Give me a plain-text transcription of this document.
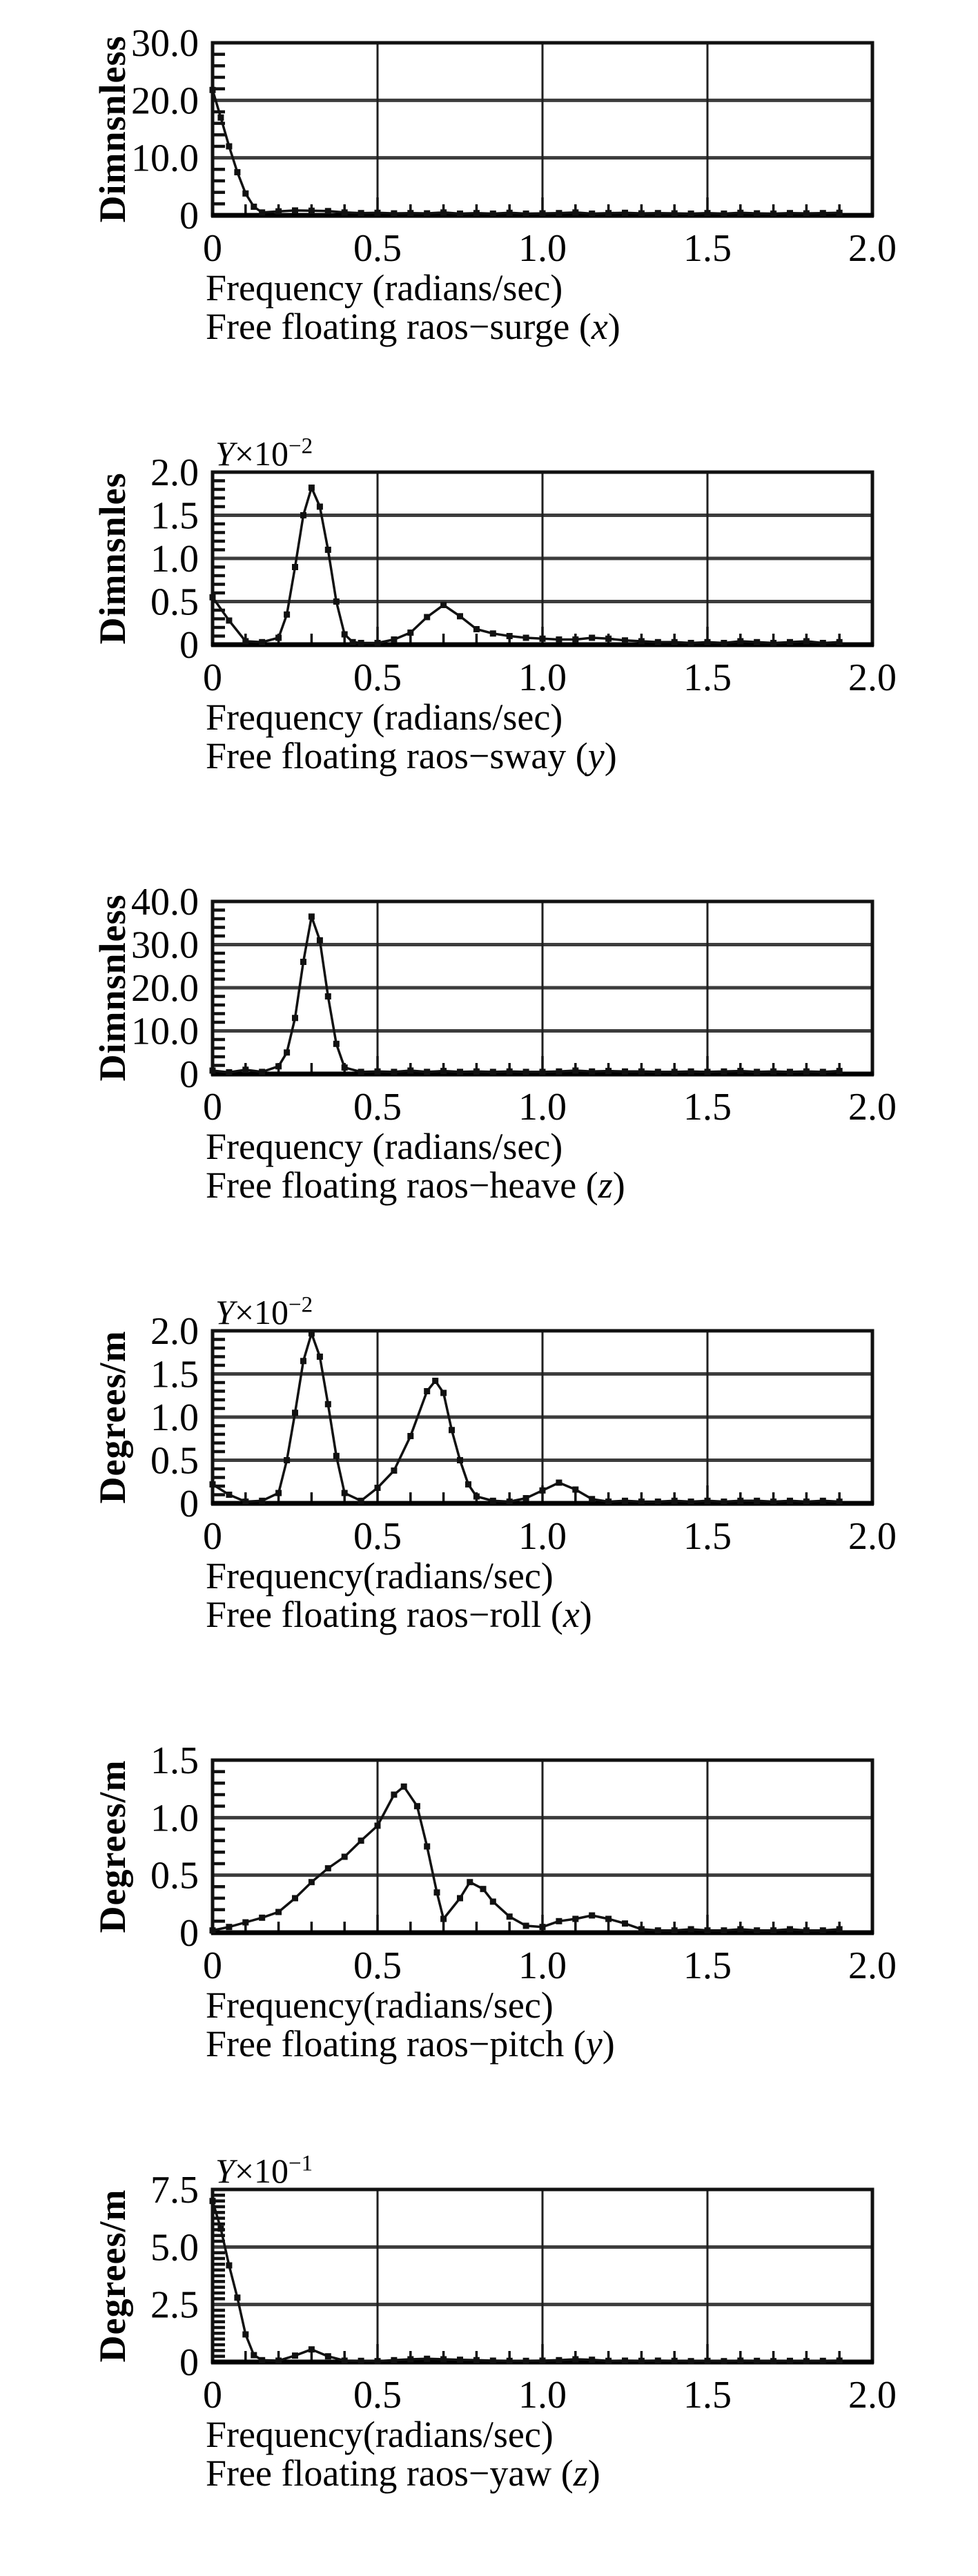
Dimnsnless 0
10.0
20.0
30.0
0	0.5	1.0	1.5	2.0
Frequency (radians/sec)
Free floating raos−surge (x)
$Y\times 10^{-2}$
Dimnsnles
0
0.5
1.0
1.5
2.0
0	0.5	1.0	1.5	2.0
Frequency (radians/sec)
Free floating raos−sway (y)
Dimnsnless 0
10.0
20.0
30.0
40.0
0	0.5	1.0	1.5	2.0
Frequency (radians/sec)
Free floating raos−heave (z)
$Y\times 10^{-2}$
Degrees/m
0
0.5
1.0
1.5
2.0
0	0.5	1.0	1.5	2.0
Frequency(radians/sec)
Free floating raos−roll (x)
Degrees/m
0
0.5
1.0
1.5
0	0.5	1.0	1.5	2.0
Frequency(radians/sec)
Free floating raos−pitch (y)
$Y\times 10^{-1}$
Degrees/m
0
2.5
5.0
7.5
0	0.5	1.0	1.5	2.0
Frequency(radians/sec)
Free floating raos−yaw (z)
